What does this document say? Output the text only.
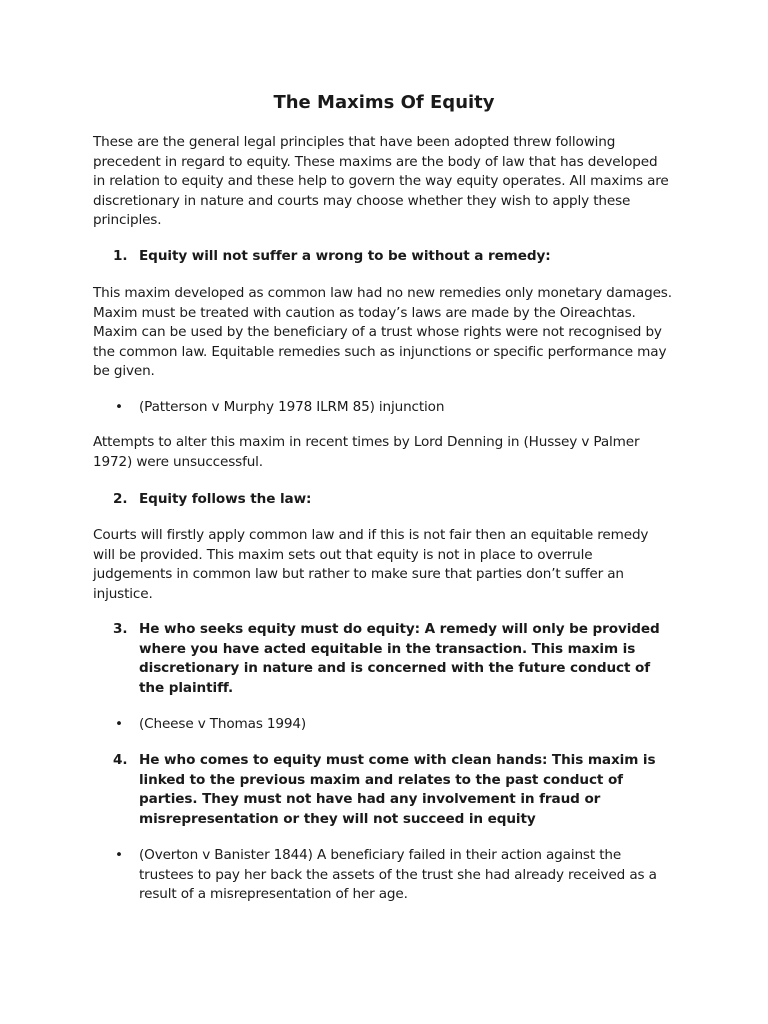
The Maxims Of Equity

These are the general legal principles that have been adopted threw following precedent in regard to equity. These maxims are the body of law that has developed in relation to equity and these help to govern the way equity operates. All maxims are discretionary in nature and courts may choose whether they wish to apply these principles.

1. Equity will not suffer a wrong to be without a remedy:

This maxim developed as common law had no new remedies only monetary damages. Maxim must be treated with caution as today’s laws are made by the Oireachtas. Maxim can be used by the beneficiary of a trust whose rights were not recognised by the common law. Equitable remedies such as injunctions or specific performance may be given.

• (Patterson v Murphy 1978 ILRM 85) injunction

Attempts to alter this maxim in recent times by Lord Denning in (Hussey v Palmer 1972) were unsuccessful.

2. Equity follows the law:

Courts will firstly apply common law and if this is not fair then an equitable remedy will be provided. This maxim sets out that equity is not in place to overrule judgements in common law but rather to make sure that parties don’t suffer an injustice.

3. He who seeks equity must do equity: A remedy will only be provided where you have acted equitable in the transaction. This maxim is discretionary in nature and is concerned with the future conduct of the plaintiff.
• (Cheese v Thomas 1994)

4. He who comes to equity must come with clean hands: This maxim is linked to the previous maxim and relates to the past conduct of parties. They must not have had any involvement in fraud or misrepresentation or they will not succeed in equity
• (Overton v Banister 1844) A beneficiary failed in their action against the trustees to pay her back the assets of the trust she had already received as a result of a misrepresentation of her age.
